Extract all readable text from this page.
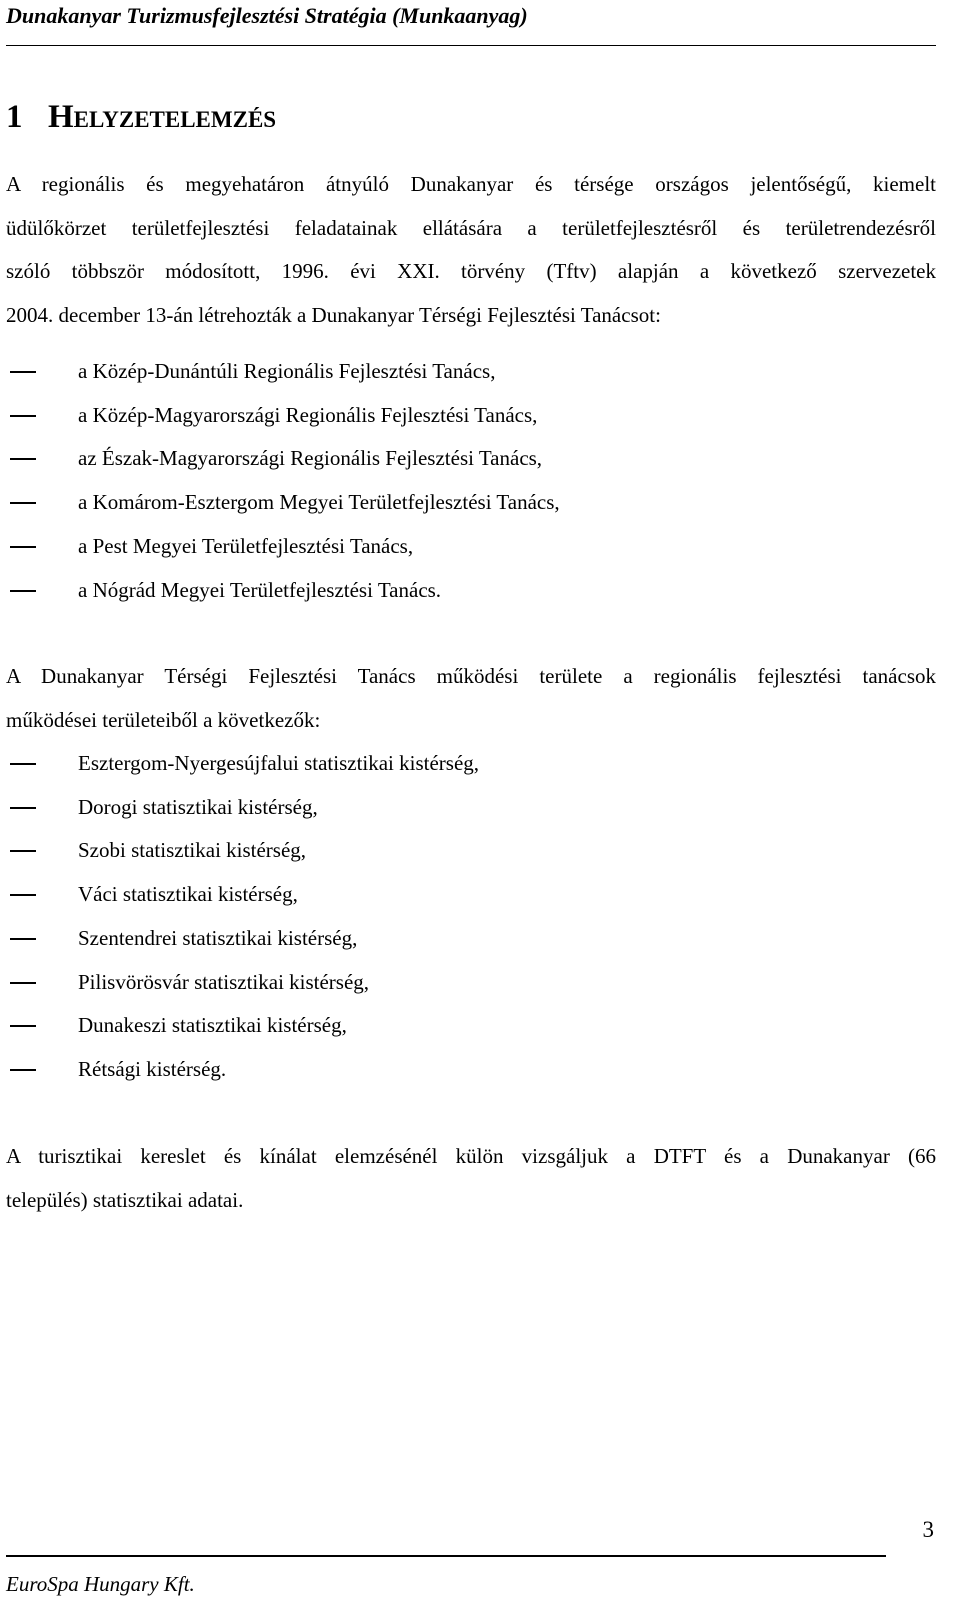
Dunakanyar Turizmusfejlesztési Stratégia (Munkaanyag)
1 Helyzetelemzés

A regionális és megyehatáron átnyúló Dunakanyar és térsége országos jelentőségű, kiemelt
üdülőkörzet területfejlesztési feladatainak ellátására a területfejlesztésről és területrendezésről
szóló többször módosított, 1996. évi XXI. törvény (Tftv) alapján a következő szervezetek
2004. december 13-án létrehozták a Dunakanyar Térségi Fejlesztési Tanácsot:

a Közép-Dunántúli Regionális Fejlesztési Tanács,
a Közép-Magyarországi Regionális Fejlesztési Tanács,
az Észak-Magyarországi Regionális Fejlesztési Tanács,
a Komárom-Esztergom Megyei Területfejlesztési Tanács,
a Pest Megyei Területfejlesztési Tanács,
a Nógrád Megyei Területfejlesztési Tanács.

A Dunakanyar Térségi Fejlesztési Tanács működési területe a regionális fejlesztési tanácsok
működései területeiből a következők:

Esztergom-Nyergesújfalui statisztikai kistérség,
Dorogi statisztikai kistérség,
Szobi statisztikai kistérség,
Váci statisztikai kistérség,
Szentendrei statisztikai kistérség,
Pilisvörösvár statisztikai kistérség,
Dunakeszi statisztikai kistérség,
Rétsági kistérség.

A turisztikai kereslet és kínálat elemzésénél külön vizsgáljuk a DTFT és a Dunakanyar (66
település) statisztikai adatai.

3
EuroSpa Hungary Kft.
